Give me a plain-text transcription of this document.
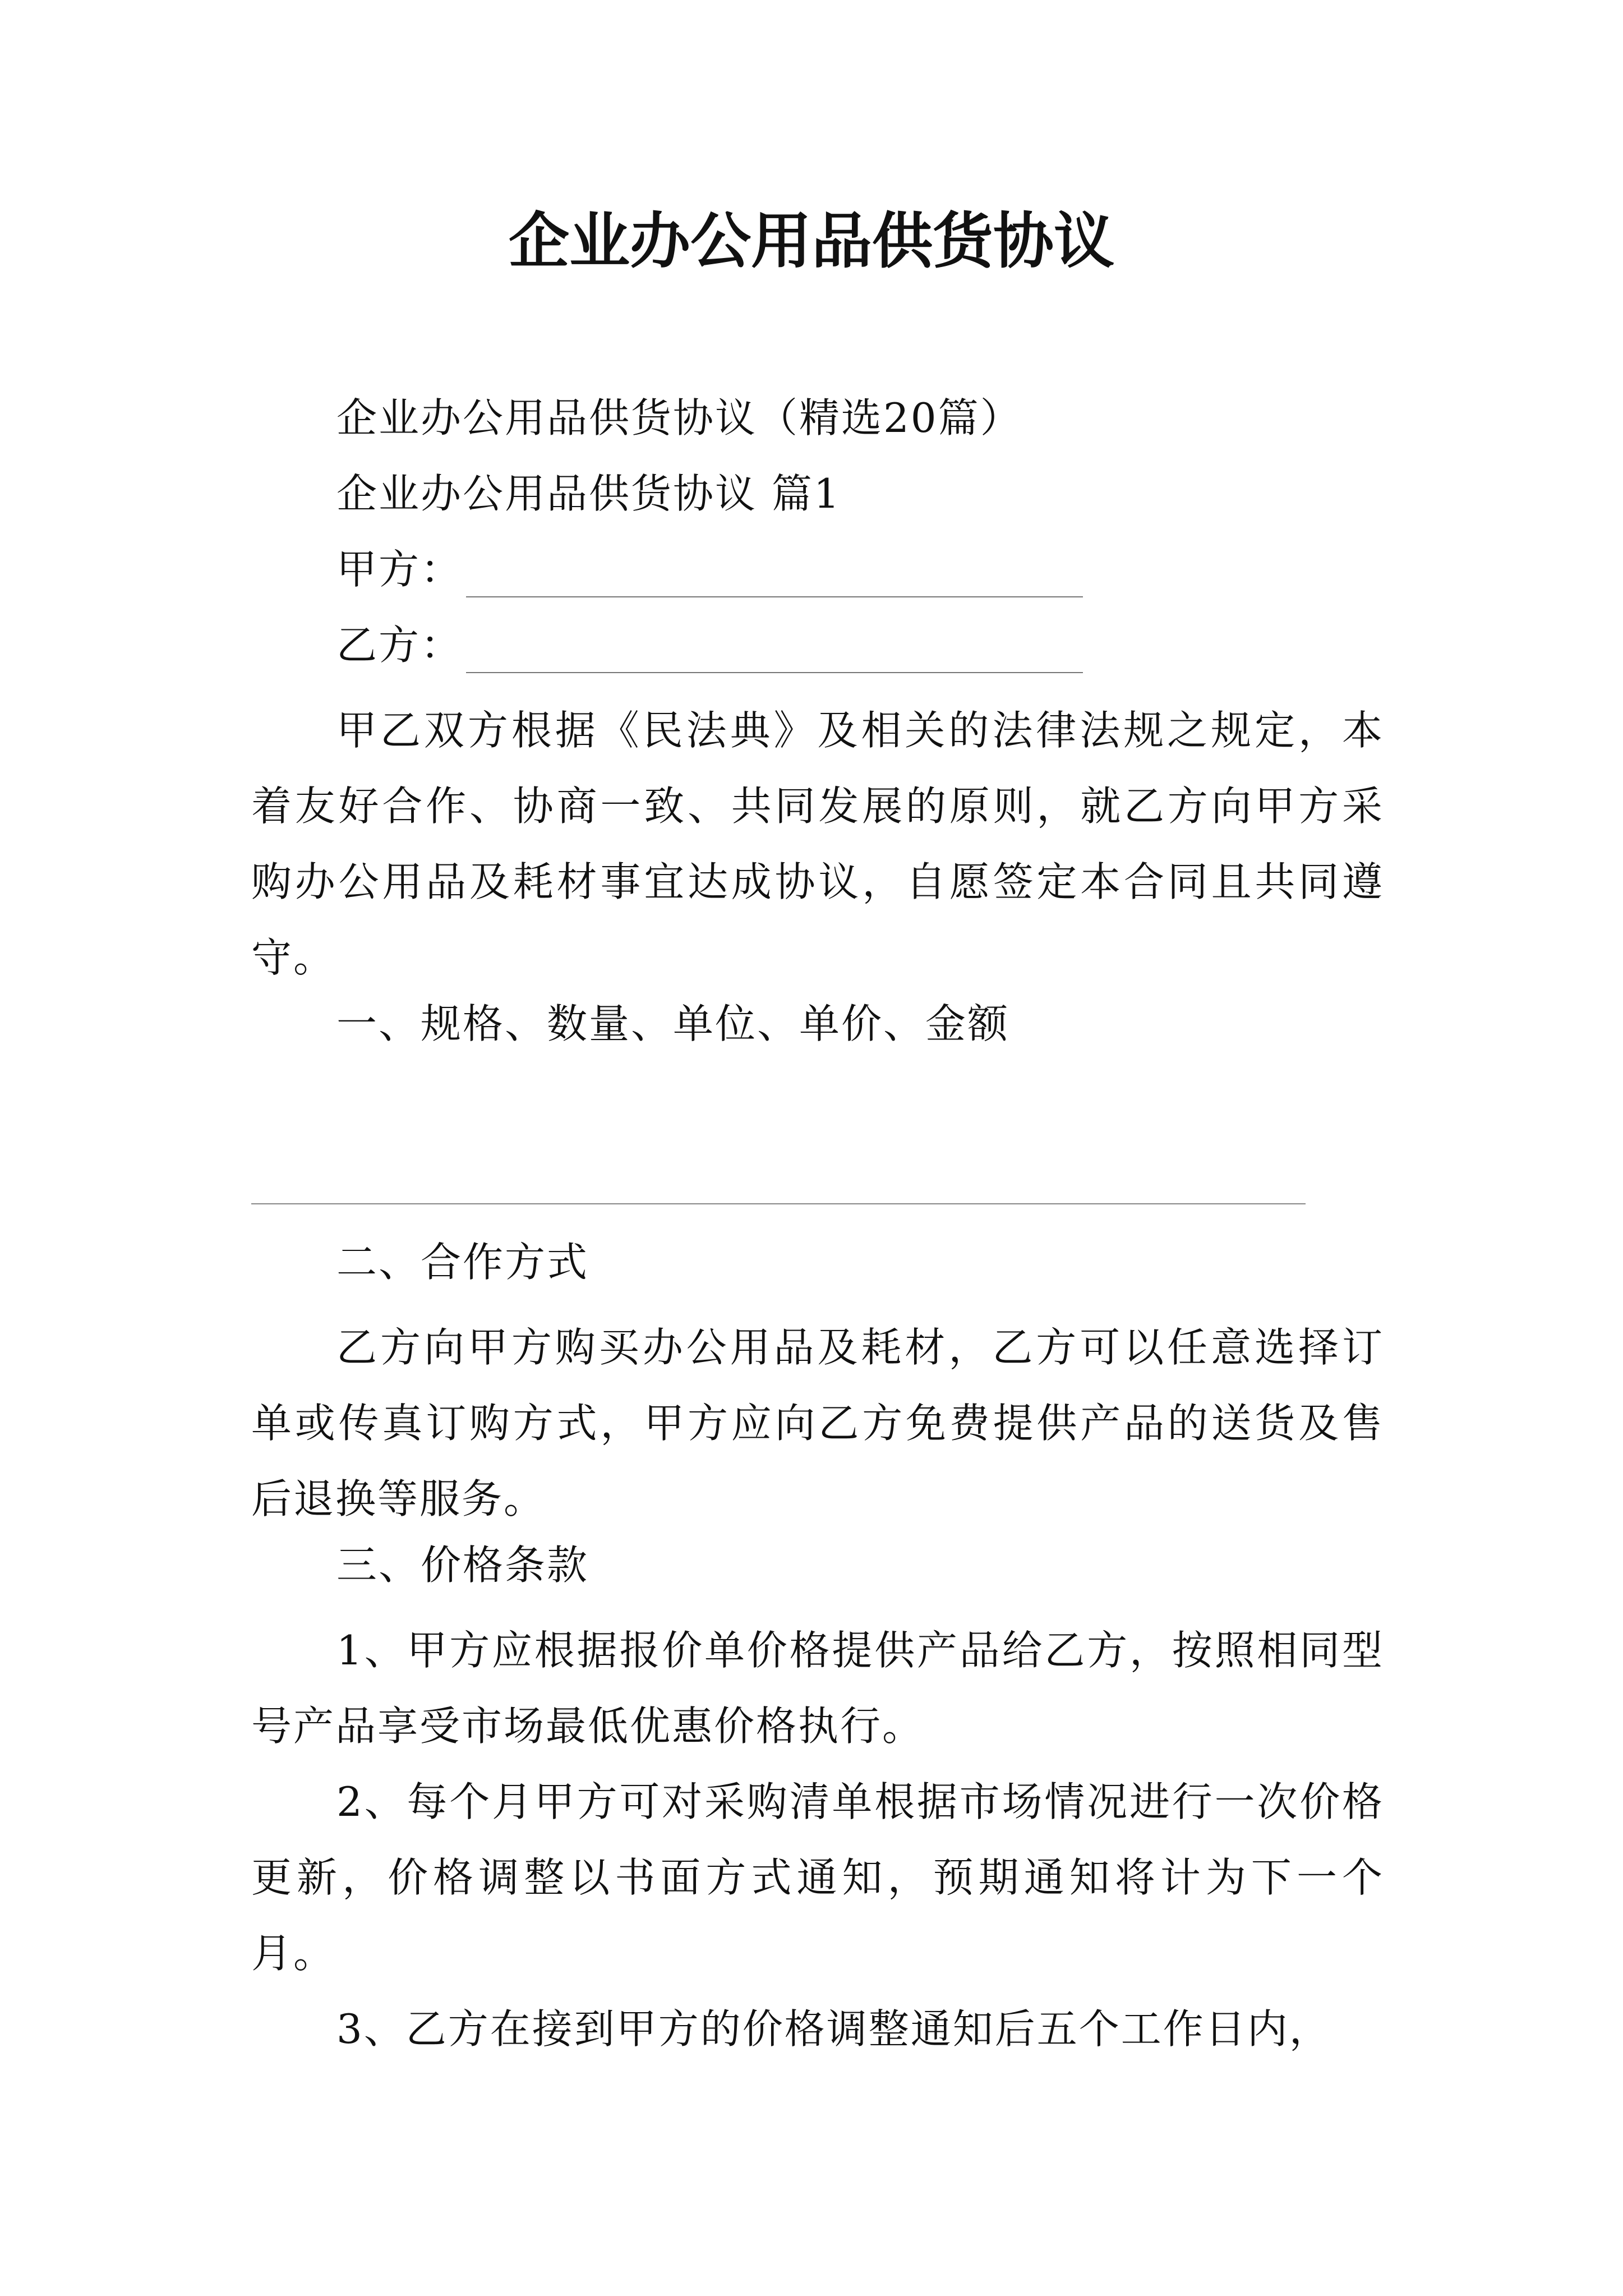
企业办公用品供货协议
企业办公用品供货协议（精选20篇）
企业办公用品供货协议 篇1
甲方：
乙方：
甲乙双方根据《民法典》及相关的法律法规之规定，本着友好合作、协商一致、共同发展的原则，就乙方向甲方采购办公用品及耗材事宜达成协议，自愿签定本合同且共同遵守。
一、规格、数量、单位、单价、金额
二、合作方式
乙方向甲方购买办公用品及耗材，乙方可以任意选择订单或传真订购方式，甲方应向乙方免费提供产品的送货及售后退换等服务。
三、价格条款
1、甲方应根据报价单价格提供产品给乙方，按照相同型号产品享受市场最低优惠价格执行。
2、每个月甲方可对采购清单根据市场情况进行一次价格更新，价格调整以书面方式通知，预期通知将计为下一个月。
3、乙方在接到甲方的价格调整通知后五个工作日内，
